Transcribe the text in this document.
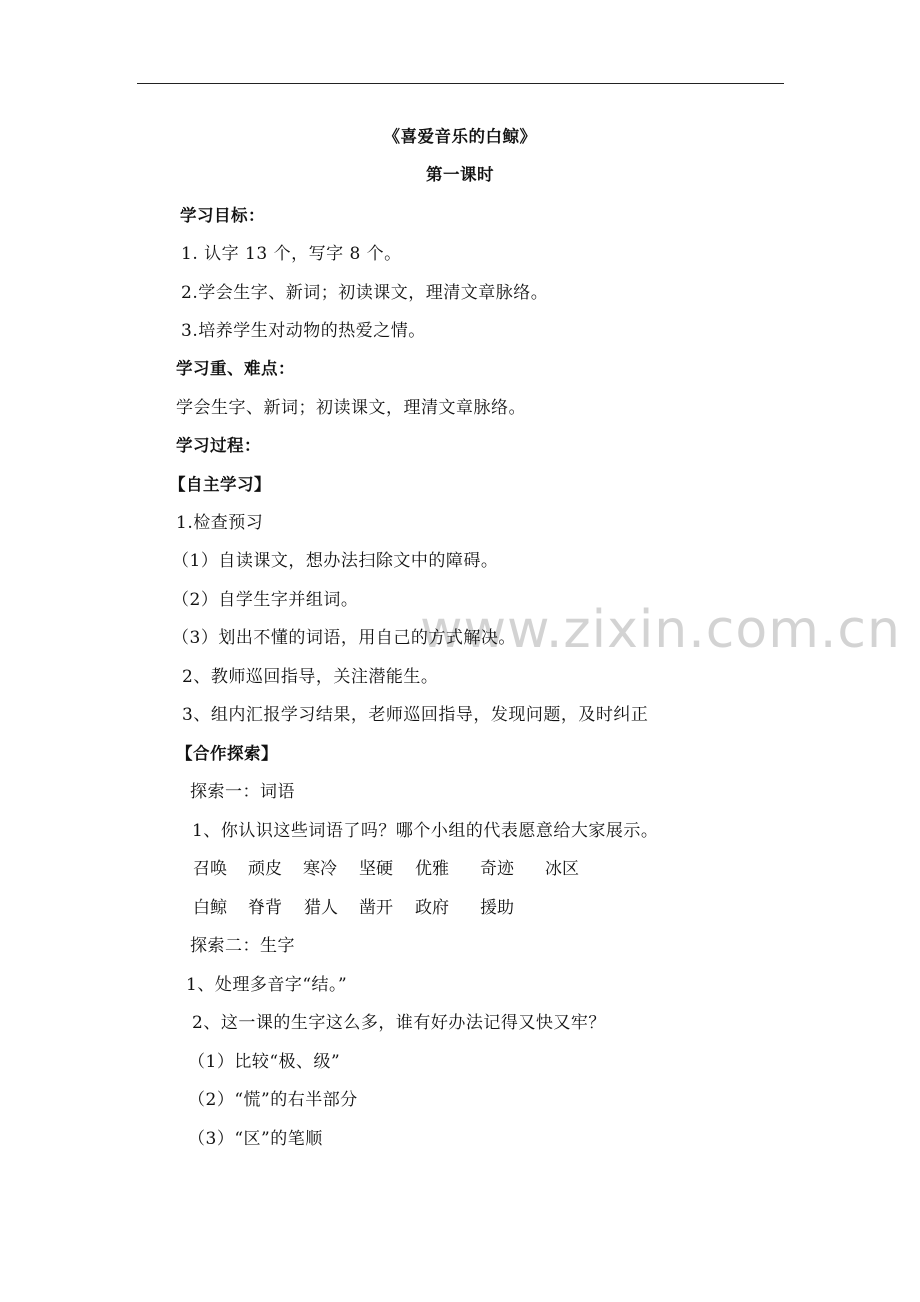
www.zixin.com.cn
《喜爱音乐的白鲸》
第一课时
学习目标：
1. 认字 13 个，写字 8 个。
2.学会生字、新词；初读课文，理清文章脉络。
3.培养学生对动物的热爱之情。
学习重、难点：
学会生字、新词；初读课文，理清文章脉络。
学习过程：
【自主学习】
1.检查预习
（1）自读课文，想办法扫除文中的障碍。
（2）自学生字并组词。
（3）划出不懂的词语，用自己的方式解决。
2、教师巡回指导，关注潜能生。
3、组内汇报学习结果，老师巡回指导，发现问题，及时纠正
【合作探索】
探索一：词语
1、你认识这些词语了吗？哪个小组的代表愿意给大家展示。
召唤 顽皮 寒冷 坚硬 优雅 奇迹 冰区
白鲸 脊背 猎人 凿开 政府 援助
探索二：生字
1、处理多音字“结。”
2、这一课的生字这么多，谁有好办法记得又快又牢？
（1）比较“极、级”
（2）“慌”的右半部分
（3）“区”的笔顺
